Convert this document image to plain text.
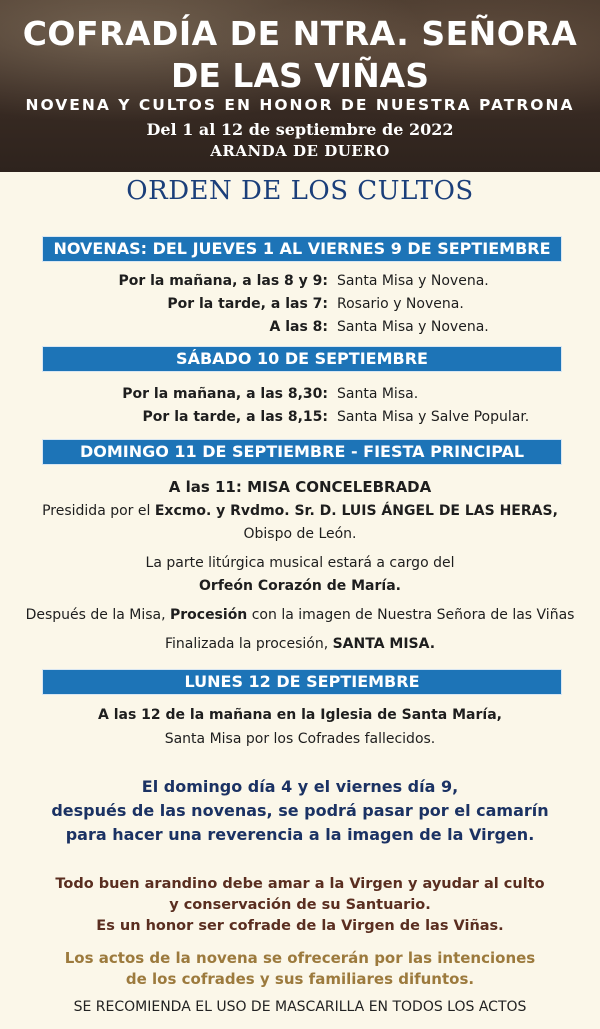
COFRADÍA DE NTRA. SEÑORA
DE LAS VIÑAS
NOVENA Y CULTOS EN HONOR DE NUESTRA PATRONA
Del 1 al 12 de septiembre de 2022
ARANDA DE DUERO
ORDEN DE LOS CULTOS
NOVENAS: DEL JUEVES 1 AL VIERNES 9 DE SEPTIEMBRE
Por la mañana, a las 8 y 9: Santa Misa y Novena.
Por la tarde, a las 7: Rosario y Novena.
A las 8: Santa Misa y Novena.
SÁBADO 10 DE SEPTIEMBRE
Por la mañana, a las 8,30: Santa Misa.
Por la tarde, a las 8,15: Santa Misa y Salve Popular.
DOMINGO 11 DE SEPTIEMBRE - FIESTA PRINCIPAL
A las 11: MISA CONCELEBRADA
Presidida por el Excmo. y Rvdmo. Sr. D. LUIS ÁNGEL DE LAS HERAS,
Obispo de León.
La parte litúrgica musical estará a cargo del
Orfeón Corazón de María.
Después de la Misa, Procesión con la imagen de Nuestra Señora de las Viñas
Finalizada la procesión, SANTA MISA.
LUNES 12 DE SEPTIEMBRE
A las 12 de la mañana en la Iglesia de Santa María,
Santa Misa por los Cofrades fallecidos.
El domingo día 4 y el viernes día 9,
después de las novenas, se podrá pasar por el camarín
para hacer una reverencia a la imagen de la Virgen.
Todo buen arandino debe amar a la Virgen y ayudar al culto
y conservación de su Santuario.
Es un honor ser cofrade de la Virgen de las Viñas.
Los actos de la novena se ofrecerán por las intenciones
de los cofrades y sus familiares difuntos.
SE RECOMIENDA EL USO DE MASCARILLA EN TODOS LOS ACTOS
